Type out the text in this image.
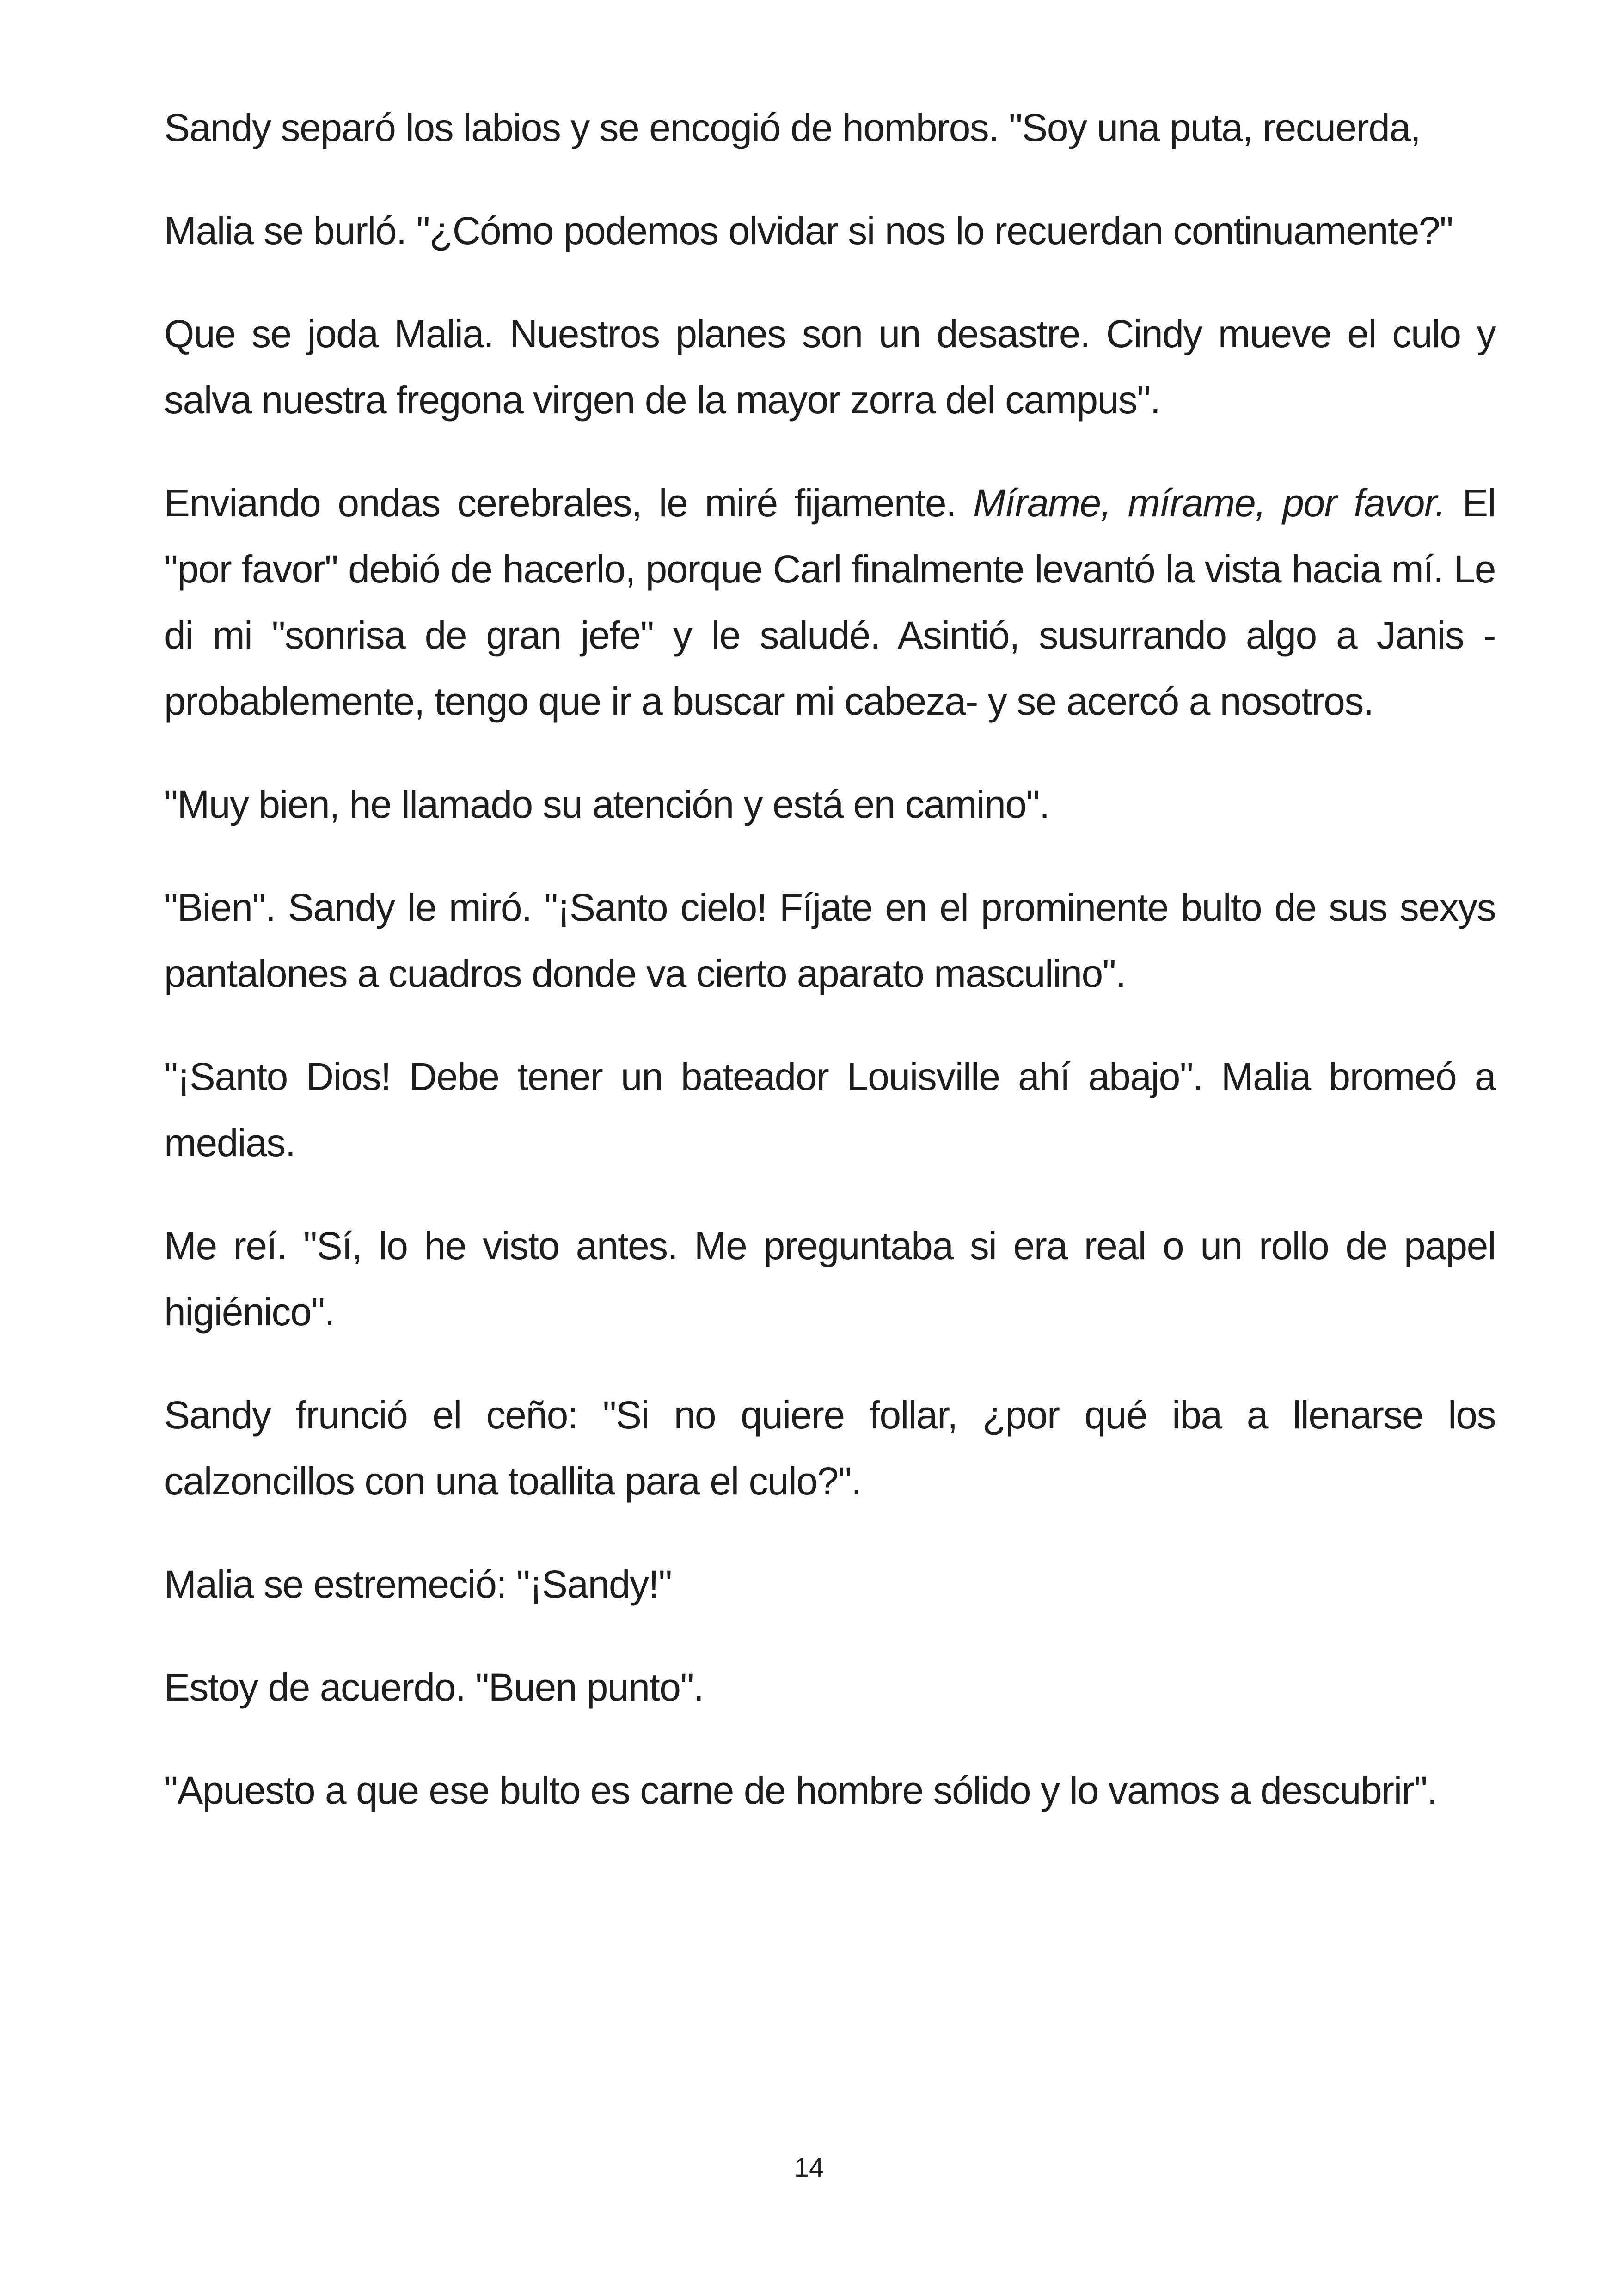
Sandy separó los labios y se encogió de hombros. "Soy una puta, recuerda,

Malia se burló. "¿Cómo podemos olvidar si nos lo recuerdan continuamente?"

Que se joda Malia. Nuestros planes son un desastre. Cindy mueve el culo y salva nuestra fregona virgen de la mayor zorra del campus".

Enviando ondas cerebrales, le miré fijamente. Mírame, mírame, por favor. El "por favor" debió de hacerlo, porque Carl finalmente levantó la vista hacia mí. Le di mi "sonrisa de gran jefe" y le saludé. Asintió, susurrando algo a Janis -probablemente, tengo que ir a buscar mi cabeza- y se acercó a nosotros.

"Muy bien, he llamado su atención y está en camino".

"Bien". Sandy le miró. "¡Santo cielo! Fíjate en el prominente bulto de sus sexys pantalones a cuadros donde va cierto aparato masculino".

"¡Santo Dios! Debe tener un bateador Louisville ahí abajo". Malia bromeó a medias.

Me reí. "Sí, lo he visto antes. Me preguntaba si era real o un rollo de papel higiénico".

Sandy frunció el ceño: "Si no quiere follar, ¿por qué iba a llenarse los calzoncillos con una toallita para el culo?".

Malia se estremeció: "¡Sandy!"

Estoy de acuerdo. "Buen punto".

"Apuesto a que ese bulto es carne de hombre sólido y lo vamos a descubrir".

14
